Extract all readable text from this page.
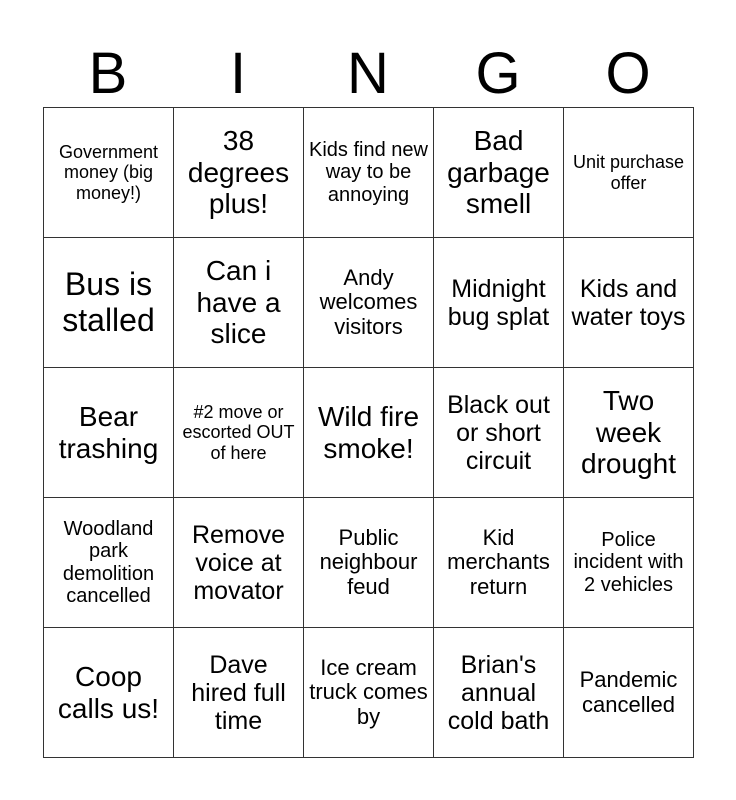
B	I	N	G	O
Government money (big money!)	38 degrees plus!	Kids find new way to be annoying	Bad garbage smell	Unit purchase offer
Bus is stalled	Can i have a slice	Andy welcomes visitors	Midnight bug splat	Kids and water toys
Bear trashing	#2 move or escorted OUT of here	Wild fire smoke!	Black out or short circuit	Two week drought
Woodland park demolition cancelled	Remove voice at movator	Public neighbour feud	Kid merchants return	Police incident with 2 vehicles
Coop calls us!	Dave hired full time	Ice cream truck comes by	Brian's annual cold bath	Pandemic cancelled
